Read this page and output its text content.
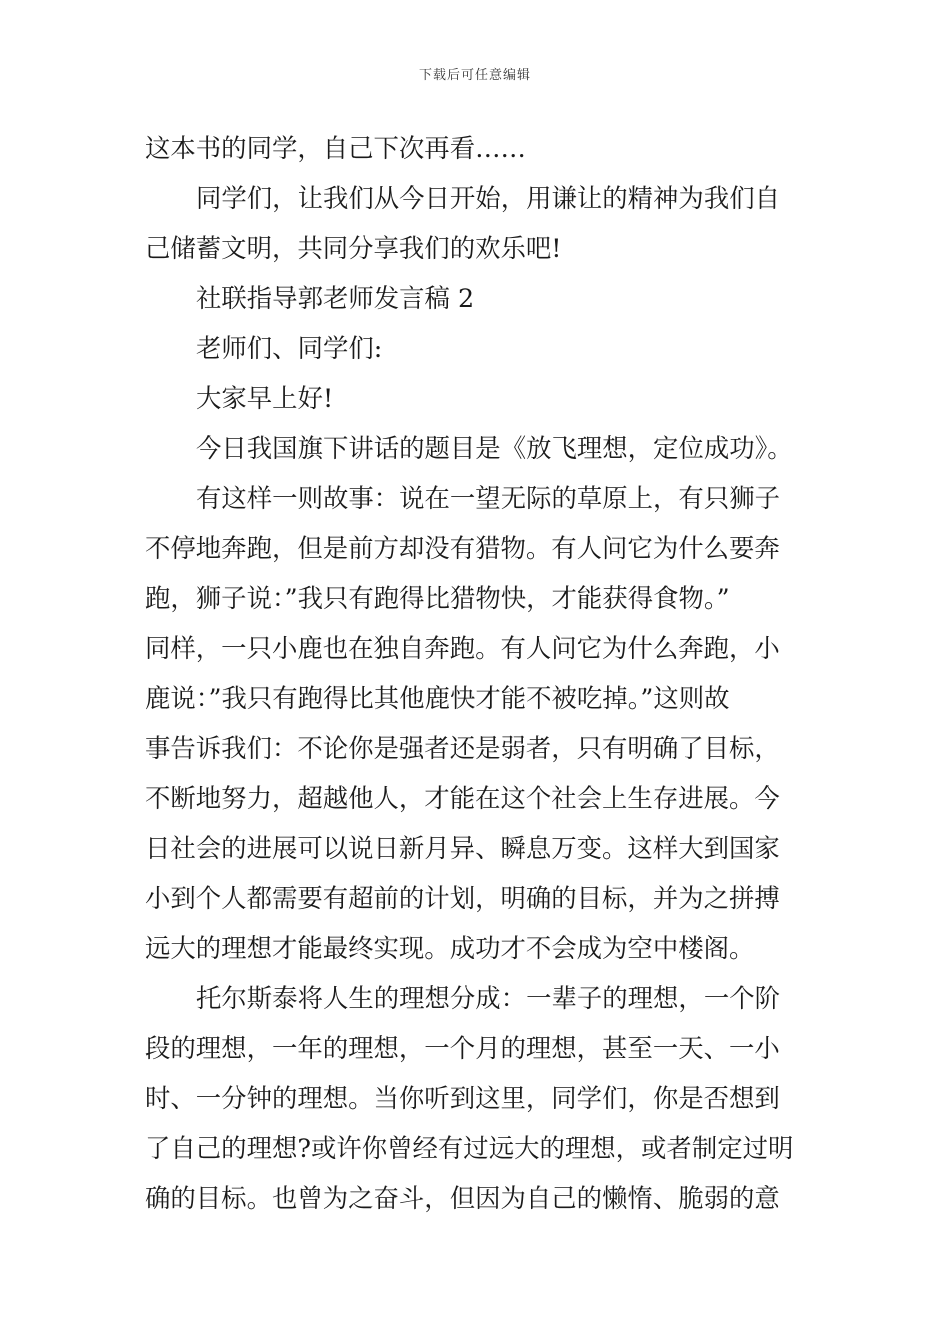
下载后可任意编辑
这本书的同学，自己下次再看……
同学们，让我们从今日开始，用谦让的精神为我们自
己储蓄文明，共同分享我们的欢乐吧!
社联指导郭老师发言稿 2
老师们、同学们:
大家早上好!
今日我国旗下讲话的题目是《放飞理想，定位成功》。
有这样一则故事：说在一望无际的草原上，有只狮子
不停地奔跑，但是前方却没有猎物。有人问它为什么要奔
跑，狮子说：”我只有跑得比猎物快，才能获得食物。”
同样，一只小鹿也在独自奔跑。有人问它为什么奔跑，小
鹿说：”我只有跑得比其他鹿快才能不被吃掉。”这则故
事告诉我们：不论你是强者还是弱者，只有明确了目标，
不断地努力，超越他人，才能在这个社会上生存进展。今
日社会的进展可以说日新月异、瞬息万变。这样大到国家
小到个人都需要有超前的计划，明确的目标，并为之拼搏
远大的理想才能最终实现。成功才不会成为空中楼阁。
托尔斯泰将人生的理想分成：一辈子的理想，一个阶
段的理想，一年的理想，一个月的理想，甚至一天、一小
时、一分钟的理想。当你听到这里，同学们，你是否想到
了自己的理想?或许你曾经有过远大的理想，或者制定过明
确的目标。也曾为之奋斗，但因为自己的懒惰、脆弱的意
